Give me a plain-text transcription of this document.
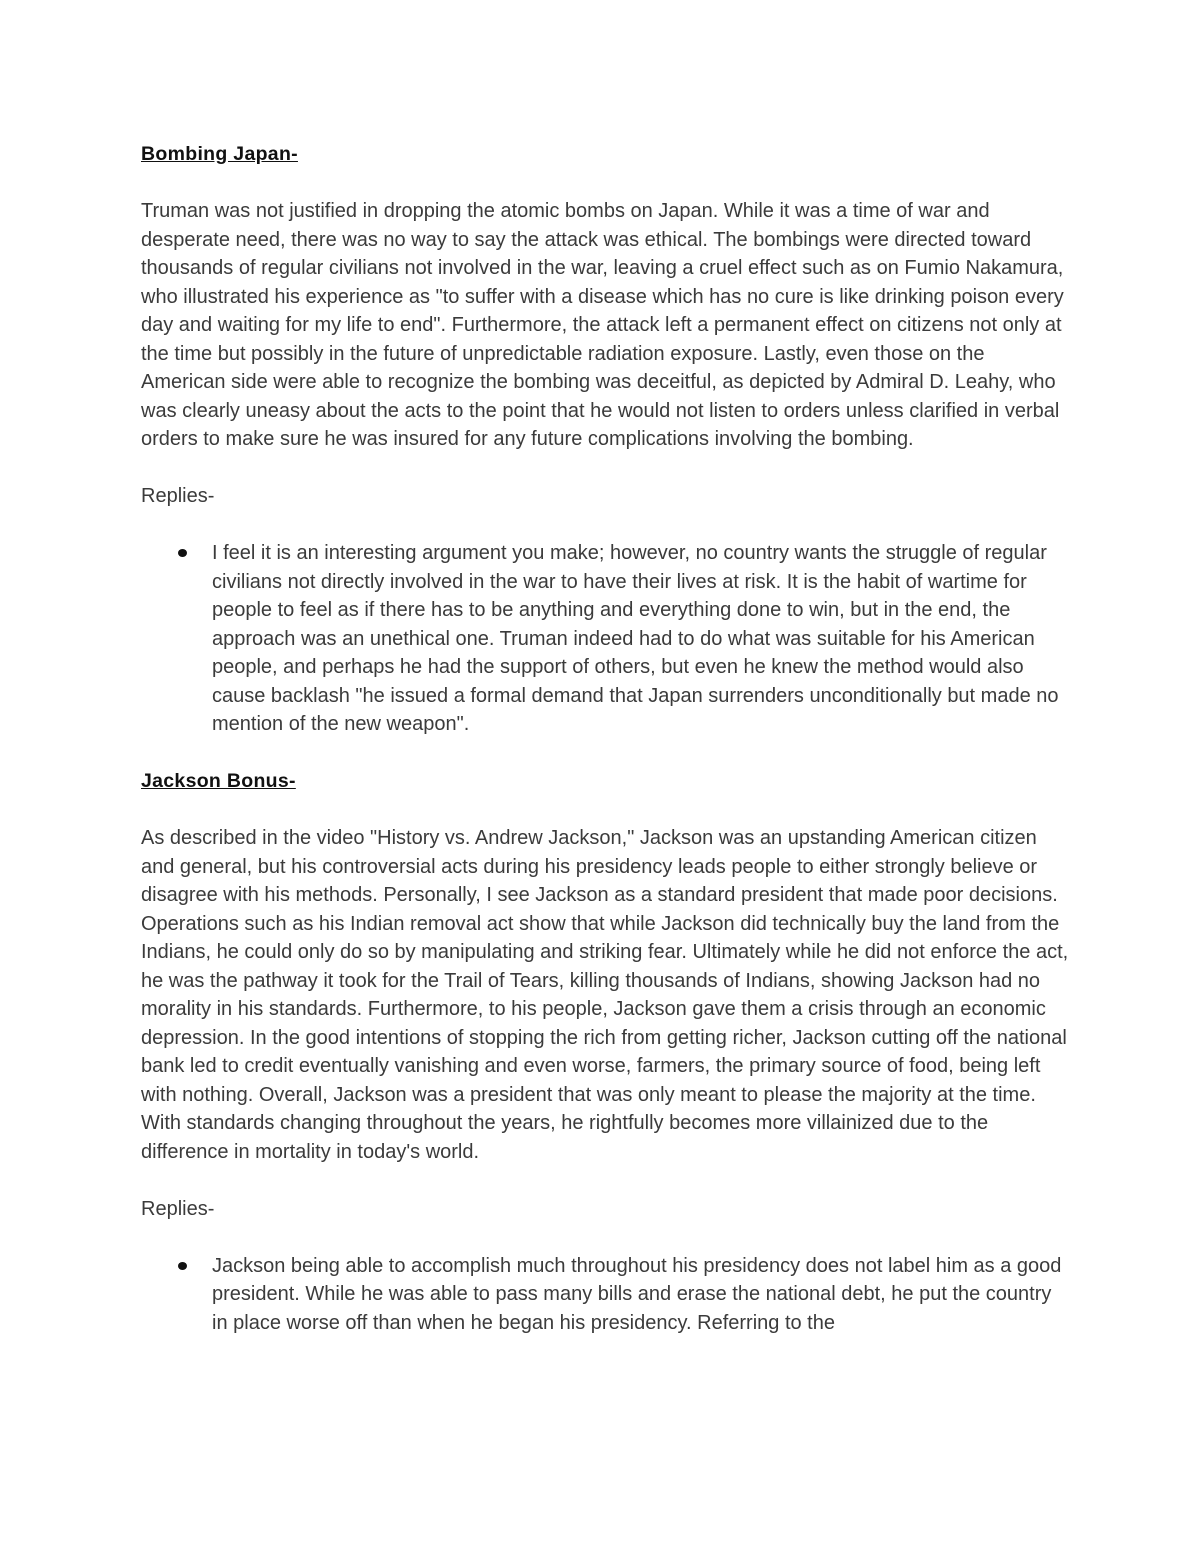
Bombing Japan-

Truman was not justified in dropping the atomic bombs on Japan. While it was a time of war and desperate need, there was no way to say the attack was ethical. The bombings were directed toward thousands of regular civilians not involved in the war, leaving a cruel effect such as on Fumio Nakamura, who illustrated his experience as "to suffer with a disease which has no cure is like drinking poison every day and waiting for my life to end". Furthermore, the attack left a permanent effect on citizens not only at the time but possibly in the future of unpredictable radiation exposure. Lastly, even those on the American side were able to recognize the bombing was deceitful, as depicted by Admiral D. Leahy, who was clearly uneasy about the acts to the point that he would not listen to orders unless clarified in verbal orders to make sure he was insured for any future complications involving the bombing.

Replies-

I feel it is an interesting argument you make; however, no country wants the struggle of regular civilians not directly involved in the war to have their lives at risk. It is the habit of wartime for people to feel as if there has to be anything and everything done to win, but in the end, the approach was an unethical one. Truman indeed had to do what was suitable for his American people, and perhaps he had the support of others, but even he knew the method would also cause backlash "he issued a formal demand that Japan surrenders unconditionally but made no mention of the new weapon".
Jackson Bonus-

As described in the video "History vs. Andrew Jackson," Jackson was an upstanding American citizen and general, but his controversial acts during his presidency leads people to either strongly believe or disagree with his methods. Personally, I see Jackson as a standard president that made poor decisions. Operations such as his Indian removal act show that while Jackson did technically buy the land from the Indians, he could only do so by manipulating and striking fear. Ultimately while he did not enforce the act, he was the pathway it took for the Trail of Tears, killing thousands of Indians, showing Jackson had no morality in his standards. Furthermore, to his people, Jackson gave them a crisis through an economic depression. In the good intentions of stopping the rich from getting richer, Jackson cutting off the national bank led to credit eventually vanishing and even worse, farmers, the primary source of food, being left with nothing. Overall, Jackson was a president that was only meant to please the majority at the time. With standards changing throughout the years, he rightfully becomes more villainized due to the difference in mortality in today's world.

Replies-

Jackson being able to accomplish much throughout his presidency does not label him as a good president. While he was able to pass many bills and erase the national debt, he put the country in place worse off than when he began his presidency. Referring to the
